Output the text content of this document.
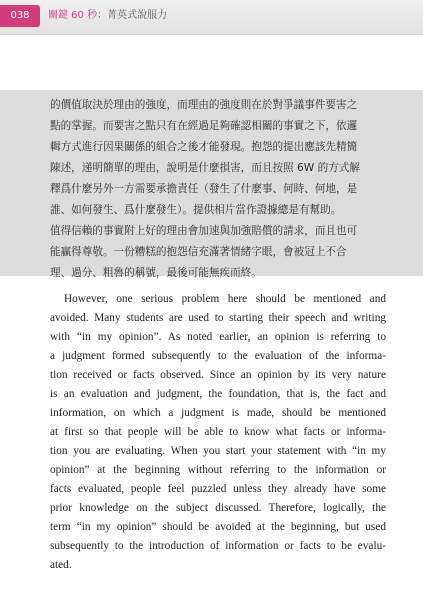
038	關鍵 60 秒：菁英式說服力
的價值取決於理由的強度，而理由的強度則在於對爭議事件要害之
點的掌握。而要害之點只有在經過足夠確認相關的事實之下，依邏
輯方式進行因果關係的組合之後才能發現。抱怨的提出應該先精簡
陳述，递明簡單的理由，說明是什麼損害，而且按照 6W 的方式解
釋爲什麼另外一方需要承擔責任（發生了什麼事、何時、何地，是
誰、如何發生、爲什麼發生）。提供相片當作證據總是有幫助。
值得信賴的事實附上好的理由會加速與加強賠償的請求，而且也可
能贏得尊敬。一份糟糕的抱怨信充滿著情緒字眼，會被冠上不合
理、過分、粗魯的稱號，最後可能無疾而終。
However, one serious problem here should be mentioned and
avoided. Many students are used to starting their speech and writing
with “in my opinion”. As noted earlier, an opinion is referring to
a judgment formed subsequently to the evaluation of the informa-
tion received or facts observed. Since an opinion by its very nature
is an evaluation and judgment, the foundation, that is, the fact and
information, on which a judgment is made, should be mentioned
at first so that people will be able to know what facts or informa-
tion you are evaluating. When you start your statement with “in my
opinion” at the beginning without referring to the information or
facts evaluated, people feel puzzled unless they already have some
prior knowledge on the subject discussed. Therefore, logically, the
term “in my opinion” should be avoided at the beginning, but used
subsequently to the introduction of information or facts to be evalu-
ated.
